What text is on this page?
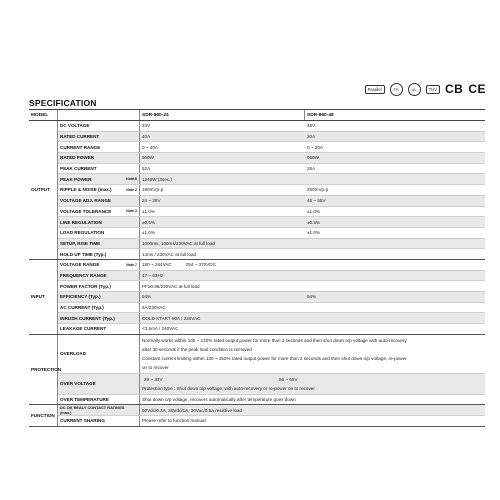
SPECIFICATION
Parallel	FS	UL	TUV CB CE
MODEL	SDR-960-24	SDR-960-48
OUTPUT
DC VOLTAGE	24V	48V
RATED CURRENT	40A	20A
CURRENT RANGE	0 ~ 40A	0 ~ 20A
RATED POWER	960W	960W
PEAK CURRENT	52A	26A
PEAK POWER	Note.6	1248W (3sec.)
RIPPLE & NOISE (max.)	Note.2	180mVp-p	250mVp-p
VOLTAGE ADJ. RANGE	24 ~ 28V	48 ~ 55V
VOLTAGE TOLERANCE	Note.3	±1.0%	±1.0%
LINE REGULATION	±0.5%	±0.5%
LOAD REGULATION	±1.0%	±1.0%
SETUP, RISE TIME	1000ms, 100ms/230VAC at full load
HOLD UP TIME (Typ.)	14ms / 230VAC at full load
INPUT
VOLTAGE RANGE	Note.7 180 ~ 264VAC	254 ~ 370VDC
FREQUENCY RANGE	47 ~ 63Hz
POWER FACTOR (Typ.)	PF≥0.95/230VAC at full load
EFFICIENCY (Typ.)	94%	94%
AC CURRENT (Typ.)	6A/230VAC
INRUSH CURRENT (Typ.)	COLD START 50A / 230VAC
LEAKAGE CURRENT	<3.5mA / 240VAC
PROTECTION
OVERLOAD
Normally works within 105 ~ 130% rated output power for more than 3 seconds and then shut down o/p voltage with auto-recovery
after 30 seconds if the peak load condition is removed
Constant current limiting within 130 ~ 150% rated output power for more than 3 seconds and then shut down o/p voltage, re-power
on to recover
OVER VOLTAGE
29 ~ 33V	56 ~ 65V
Protection type : Shut down o/p voltage, with auto-recovery or re-power on to recover
OVER TEMPERATURE	Shut down o/p voltage, recovers automatically after temperature goes down
FUNCTION
DC OK REALY CONTACT RATINGS (max.)	60Vdc/0.3A, 30Vdc/1A, 30Vac/0.5A resistive load
CURRENT SHARING	Please refer to function manual
